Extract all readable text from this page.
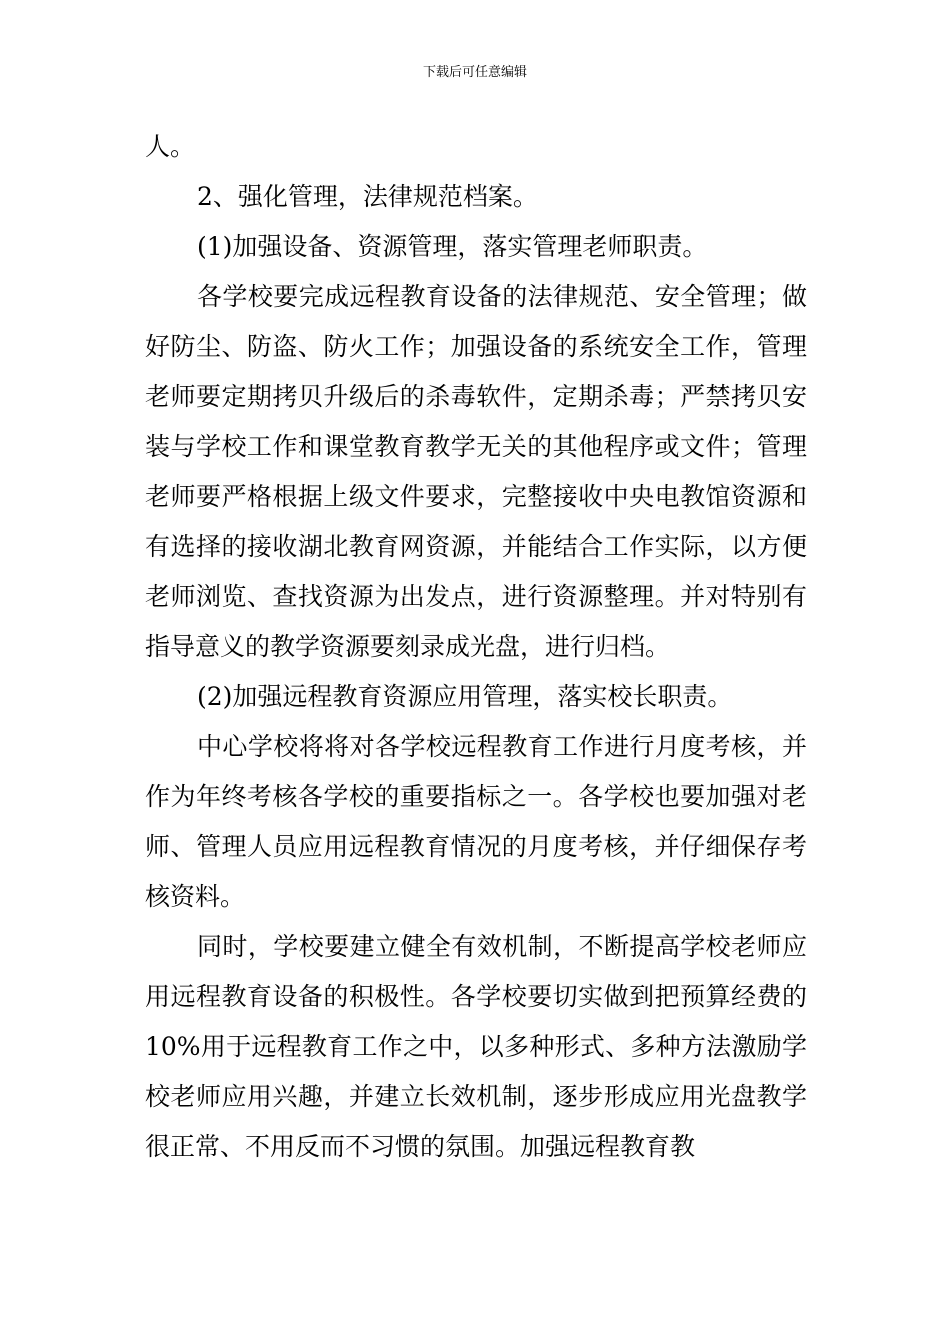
下载后可任意编辑

人。

2、强化管理，法律规范档案。

(1)加强设备、资源管理，落实管理老师职责。

各学校要完成远程教育设备的法律规范、安全管理；做好防尘、防盗、防火工作；加强设备的系统安全工作，管理老师要定期拷贝升级后的杀毒软件，定期杀毒；严禁拷贝安装与学校工作和课堂教育教学无关的其他程序或文件；管理老师要严格根据上级文件要求，完整接收中央电教馆资源和有选择的接收湖北教育网资源，并能结合工作实际，以方便老师浏览、查找资源为出发点，进行资源整理。并对特别有指导意义的教学资源要刻录成光盘，进行归档。

(2)加强远程教育资源应用管理，落实校长职责。

中心学校将将对各学校远程教育工作进行月度考核，并作为年终考核各学校的重要指标之一。各学校也要加强对老师、管理人员应用远程教育情况的月度考核，并仔细保存考核资料。

同时，学校要建立健全有效机制，不断提高学校老师应用远程教育设备的积极性。各学校要切实做到把预算经费的10%用于远程教育工作之中，以多种形式、多种方法激励学校老师应用兴趣，并建立长效机制，逐步形成应用光盘教学很正常、不用反而不习惯的氛围。加强远程教育教
